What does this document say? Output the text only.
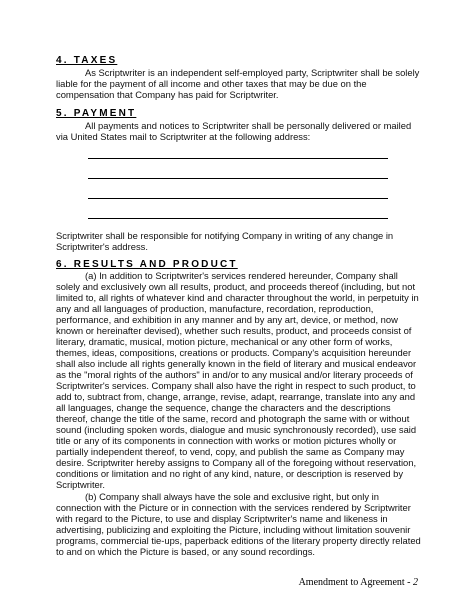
4. TAXES
As Scriptwriter is an independent self-employed party, Scriptwriter shall be solely
liable for the payment of all income and other taxes that may be due on the
compensation that Company has paid for Scriptwriter.
5. PAYMENT
All payments and notices to Scriptwriter shall be personally delivered or mailed
via United States mail to Scriptwriter at the following address:
Scriptwriter shall be responsible for notifying Company in writing of any change in
Scriptwriter's address.
6. RESULTS AND PRODUCT
(a) In addition to Scriptwriter's services rendered hereunder, Company shall
solely and exclusively own all results, product, and proceeds thereof (including, but not
limited to, all rights of whatever kind and character throughout the world, in perpetuity in
any and all languages of production, manufacture, recordation, reproduction,
performance, and exhibition in any manner and by any art, device, or method, now
known or hereinafter devised), whether such results, product, and proceeds consist of
literary, dramatic, musical, motion picture, mechanical or any other form of works,
themes, ideas, compositions, creations or products. Company's acquisition hereunder
shall also include all rights generally known in the field of literary and musical endeavor
as the "moral rights of the authors" in and/or to any musical and/or literary proceeds of
Scriptwriter's services. Company shall also have the right in respect to such product, to
add to, subtract from, change, arrange, revise, adapt, rearrange, translate into any and
all languages, change the sequence, change the characters and the descriptions
thereof, change the title of the same, record and photograph the same with or without
sound (including spoken words, dialogue and music synchronously recorded), use said
title or any of its components in connection with works or motion pictures wholly or
partially independent thereof, to vend, copy, and publish the same as Company may
desire. Scriptwriter hereby assigns to Company all of the foregoing without reservation,
conditions or limitation and no right of any kind, nature, or description is reserved by
Scriptwriter.
(b) Company shall always have the sole and exclusive right, but only in
connection with the Picture or in connection with the services rendered by Scriptwriter
with regard to the Picture, to use and display Scriptwriter's name and likeness in
advertising, publicizing and exploiting the Picture, including without limitation souvenir
programs, commercial tie-ups, paperback editions of the literary property directly related
to and on which the Picture is based, or any sound recordings.
Amendment to Agreement - 2
